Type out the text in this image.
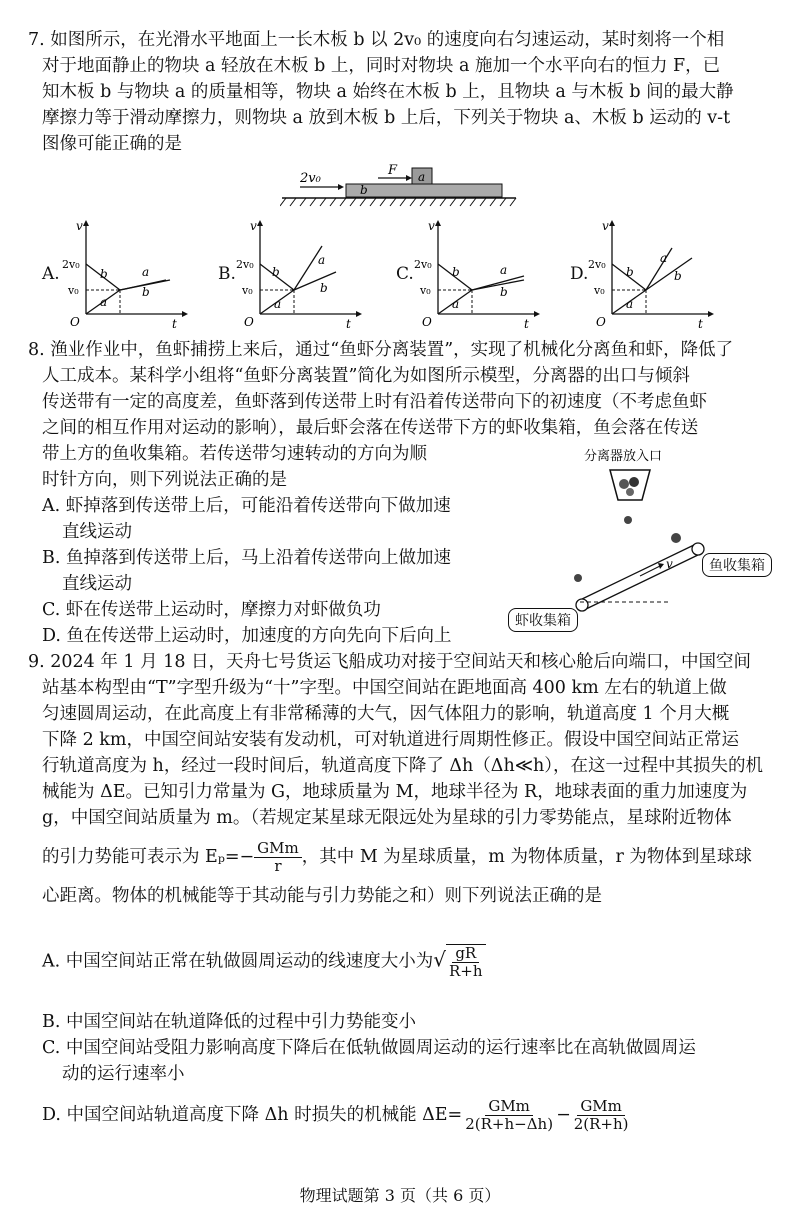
7. 如图所示，在光滑水平地面上一长木板 b 以 2v₀ 的速度向右匀速运动，某时刻将一个相
对于地面静止的物块 a 轻放在木板 b 上，同时对物块 a 施加一个水平向右的恒力 F，已
知木板 b 与物块 a 的质量相等，物块 a 始终在木板 b 上，且物块 a 与木板 b 间的最大静
摩擦力等于滑动摩擦力，则物块 a 放到木板 b 上后，下列关于物块 a、木板 b 运动的 v-t
图像可能正确的是
2v₀
F a
b
A.	B.	C.	D.
v
t
O
2v₀
v₀
b
a
a
b
v
t
O
2v₀
v₀
b
a
a
b
v
t
O
2v₀
v₀
b
a
a
b
v
t
O
2v₀
v₀
b
a
a
b
8. 渔业作业中，鱼虾捕捞上来后，通过“鱼虾分离装置”，实现了机械化分离鱼和虾，降低了
人工成本。某科学小组将“鱼虾分离装置”简化为如图所示模型，分离器的出口与倾斜
传送带有一定的高度差，鱼虾落到传送带上时有沿着传送带向下的初速度（不考虑鱼虾
之间的相互作用对运动的影响），最后虾会落在传送带下方的虾收集箱，鱼会落在传送
带上方的鱼收集箱。若传送带匀速转动的方向为顺
时针方向，则下列说法正确的是
A. 虾掉落到传送带上后，可能沿着传送带向下做加速
直线运动
B. 鱼掉落到传送带上后，马上沿着传送带向上做加速
直线运动
C. 虾在传送带上运动时，摩擦力对虾做负功
D. 鱼在传送带上运动时，加速度的方向先向下后向上
分离器放入口
v	鱼收集箱
虾收集箱
9. 2024 年 1 月 18 日，天舟七号货运飞船成功对接于空间站天和核心舱后向端口，中国空间
站基本构型由“T”字型升级为“十”字型。中国空间站在距地面高 400 km 左右的轨道上做
匀速圆周运动，在此高度上有非常稀薄的大气，因气体阻力的影响，轨道高度 1 个月大概
下降 2 km，中国空间站安装有发动机，可对轨道进行周期性修正。假设中国空间站正常运
行轨道高度为 h，经过一段时间后，轨道高度下降了 Δh（Δh≪h），在这一过程中其损失的机
械能为 ΔE。已知引力常量为 G，地球质量为 M，地球半径为 R，地球表面的重力加速度为
g，中国空间站质量为 m。（若规定某星球无限远处为星球的引力零势能点，星球附近物体
的引力势能可表示为 $E_p=- \frac{\text{GMm}}{r}$ ，其中 M 为星球质量，m 为物体质量，r 为物体到星球球
心距离。物体的机械能等于其动能与引力势能之和）则下列说法正确的是
A. 中国空间站正常在轨做圆周运动的线速度大小为√ $\frac{gR}{R+h}$
B. 中国空间站在轨道降低的过程中引力势能变小
C. 中国空间站受阻力影响高度下降后在低轨做圆周运动的运行速率比在高轨做圆周运
动的运行速率小
D. 中国空间站轨道高度下降 Δh 时损失的机械能 $\Delta E= \frac{\text{GMm}}{2(R+h-\Delta h)} - \frac{\text{GMm}}{2(R+h)}$
物理试题第 3 页（共 6 页）
